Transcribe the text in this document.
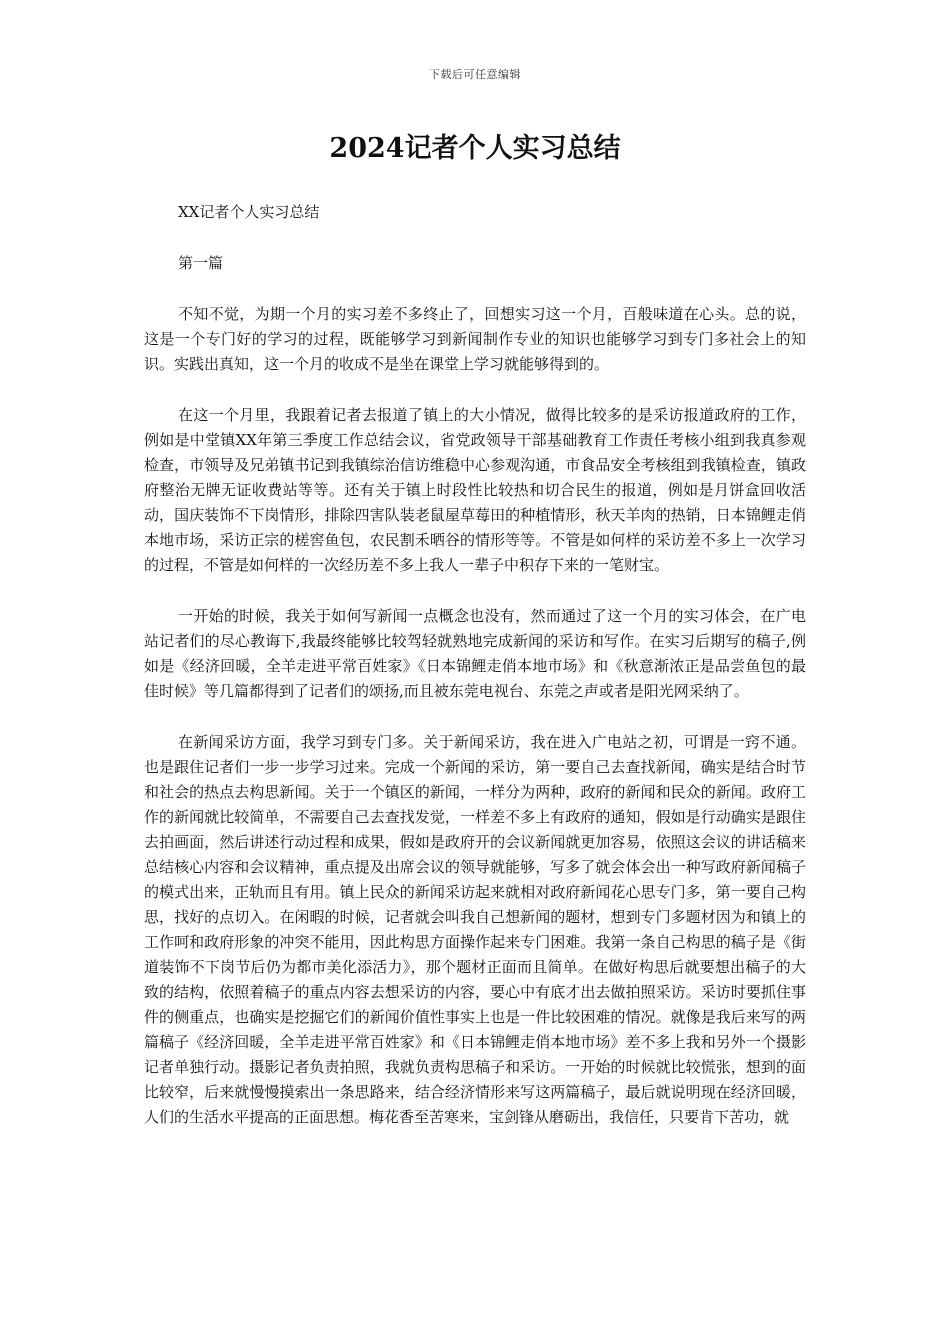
下载后可任意编辑
2024记者个人实习总结

XX记者个人实习总结

第一篇

不知不觉，为期一个月的实习差不多终止了，回想实习这一个月，百般味道在心头。总的说，这是一个专门好的学习的过程，既能够学习到新闻制作专业的知识也能够学习到专门多社会上的知识。实践出真知，这一个月的收成不是坐在课堂上学习就能够得到的。

在这一个月里，我跟着记者去报道了镇上的大小情况，做得比较多的是采访报道政府的工作，例如是中堂镇XX年第三季度工作总结会议，省党政领导干部基础教育工作责任考核小组到我真参观检查，市领导及兄弟镇书记到我镇综治信访维稳中心参观沟通，市食品安全考核组到我镇检查，镇政府整治无牌无证收费站等等。还有关于镇上时段性比较热和切合民生的报道，例如是月饼盒回收活动，国庆装饰不下岗情形，排除四害队装老鼠屋草莓田的种植情形，秋天羊肉的热销，日本锦鲤走俏本地市场，采访正宗的槎窖鱼包，农民割禾晒谷的情形等等。不管是如何样的采访差不多上一次学习的过程，不管是如何样的一次经历差不多上我人一辈子中积存下来的一笔财宝。

一开始的时候，我关于如何写新闻一点概念也没有，然而通过了这一个月的实习体会，在广电站记者们的尽心教诲下,我最终能够比较驾轻就熟地完成新闻的采访和写作。在实习后期写的稿子,例如是《经济回暖，全羊走进平常百姓家》《日本锦鲤走俏本地市场》和《秋意渐浓正是品尝鱼包的最佳时候》等几篇都得到了记者们的颂扬,而且被东莞电视台、东莞之声或者是阳光网采纳了。

在新闻采访方面，我学习到专门多。关于新闻采访，我在进入广电站之初，可谓是一窍不通。也是跟住记者们一步一步学习过来。完成一个新闻的采访，第一要自己去查找新闻，确实是结合时节和社会的热点去构思新闻。关于一个镇区的新闻，一样分为两种，政府的新闻和民众的新闻。政府工作的新闻就比较简单，不需要自己去查找发觉，一样差不多上有政府的通知，假如是行动确实是跟住去拍画面，然后讲述行动过程和成果，假如是政府开的会议新闻就更加容易，依照这会议的讲话稿来总结核心内容和会议精神，重点提及出席会议的领导就能够，写多了就会体会出一种写政府新闻稿子的模式出来，正轨而且有用。镇上民众的新闻采访起来就相对政府新闻花心思专门多，第一要自己构思，找好的点切入。在闲暇的时候，记者就会叫我自己想新闻的题材，想到专门多题材因为和镇上的工作呵和政府形象的冲突不能用，因此构思方面操作起来专门困难。我第一条自己构思的稿子是《街道装饰不下岗节后仍为都市美化添活力》，那个题材正面而且简单。在做好构思后就要想出稿子的大致的结构，依照着稿子的重点内容去想采访的内容，要心中有底才出去做拍照采访。采访时要抓住事件的侧重点，也确实是挖掘它们的新闻价值性事实上也是一件比较困难的情况。就像是我后来写的两篇稿子《经济回暖，全羊走进平常百姓家》和《日本锦鲤走俏本地市场》差不多上我和另外一个摄影记者单独行动。摄影记者负责拍照，我就负责构思稿子和采访。一开始的时候就比较慌张，想到的面比较窄，后来就慢慢摸索出一条思路来，结合经济情形来写这两篇稿子，最后就说明现在经济回暖，人们的生活水平提高的正面思想。梅花香至苦寒来，宝剑锋从磨砺出，我信任，只要肯下苦功，就
